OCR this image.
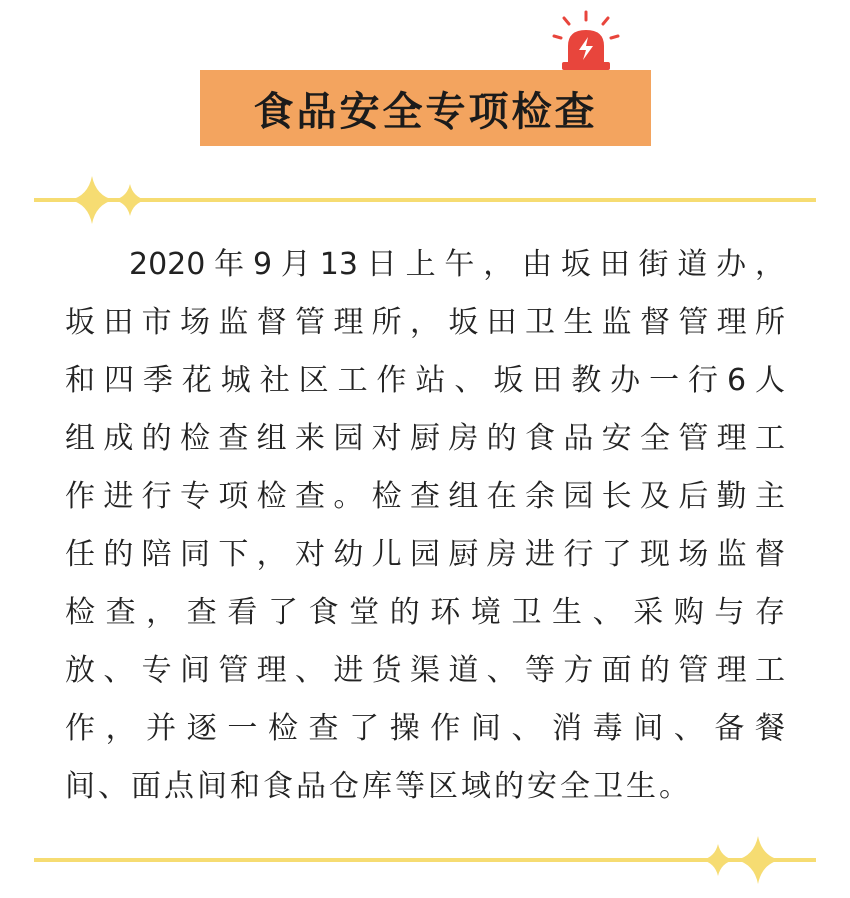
食品安全专项检查
2020年9月13日上午，由坂田街道办，
坂田市场监督管理所，坂田卫生监督管理所
和四季花城社区工作站、坂田教办一行6人
组成的检查组来园对厨房的食品安全管理工
作进行专项检查。检查组在余园长及后勤主
任的陪同下，对幼儿园厨房进行了现场监督
检查，查看了食堂的环境卫生、采购与存
放、专间管理、进货渠道、等方面的管理工
作，并逐一检查了操作间、消毒间、备餐
间、面点间和食品仓库等区域的安全卫生。
